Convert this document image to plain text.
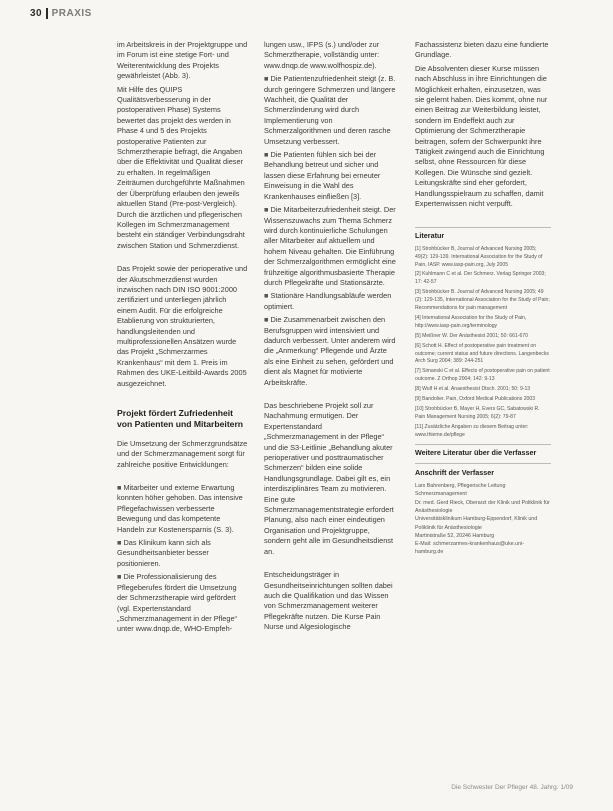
30 PRAXIS

im Arbeitskreis in der Projektgruppe und im Forum ist eine stetige Fort- und Weiterentwicklung des Projekts gewährleistet (Abb. 3).

Mit Hilfe des QUIPS Qualitätsverbesserung in der postoperativen Phase) Systems bewertet das projekt des werden in Phase 4 und 5 des Projekts postoperative Patienten zur Schmerztherapie befragt, die Angaben über die Effektivität und Qualität dieser zu erhalten. In regelmäßigen Zeiträumen durchgeführte Maßnahmen der Überprüfung erlauben den jeweils aktuellen Stand (Pre-post-Vergleich). Durch die ärztlichen und pflegerischen Kollegen im Schmerzmanagement besteht ein ständiger Verbindungsdraht zwischen Station und Schmerzdienst.

Das Projekt sowie der perioperative und der Akutschmerzdienst wurden inzwischen nach DIN ISO 9001:2000 zertifiziert und unterliegen jährlich einem Audit. Für die erfolgreiche Etablierung von strukturierten, handlungsleitenden und multiprofessionellen Ansätzen wurde das Projekt „Schmerzarmes Krankenhaus“ mit dem 1. Preis im Rahmen des UKE-Leitbild-Awards 2005 ausgezeichnet.

Projekt fördert Zufriedenheit von Patienten und Mitarbeitern

Die Umsetzung der Schmerzgrundsätze und der Schmerzmanagement sorgt für zahlreiche positive Entwicklungen:

■ Mitarbeiter und externe Erwartung konnten höher gehoben. Das intensive Pflegefachwissen verbesserte Bewegung und das kompetente Handeln zur Kostenersparnis (S. 3).

■ Das Klinikum kann sich als Gesundheitsanbieter besser positionieren.

■ Die Professionalisierung des Pflegeberufes fördert die Umsetzung der Schmerzstherapie wird gefördert (vgl. Expertenstandard „Schmerzmanagement in der Pflege“ unter www.dnqp.de, WHO-Empfeh-

lungen usw., IFPS (s.) und/oder zur Schmerztherapie, vollständig unter: www.dnqp.de www.wolfhospiz.de).

■ Die Patientenzufriedenheit steigt (z. B. durch geringere Schmerzen und längere Wachheit, die Qualität der Schmerzlinderung wird durch Implementierung von Schmerzalgorithmen und deren rasche Umsetzung verbessert.

■ Die Patienten fühlen sich bei der Behandlung betreut und sicher und lassen diese Erfahrung bei erneuter Einweisung in die Wahl des Krankenhauses einfließen [3].

■ Die Mitarbeiterzufriedenheit steigt. Der Wissenszuwachs zum Thema Schmerz wird durch kontinuierliche Schulungen aller Mitarbeiter auf aktuellem und hohem Niveau gehalten. Die Einführung der Schmerzalgorithmen ermöglicht eine frühzeitige algorithmusbasierte Therapie durch Pflegekräfte und Stationsärzte.

■ Stationäre Handlungsabläufe werden optimiert.

■ Die Zusammenarbeit zwischen den Berufsgruppen wird intensiviert und dadurch verbessert. Unter anderem wird die „Anmerkung“ Pflegende und Ärzte als eine Einheit zu sehen, gefördert und dient als Magnet für motivierte Arbeitskräfte.

Das beschriebene Projekt soll zur Nachahmung ermutigen. Der Expertenstandard „Schmerzmanagement in der Pflege“ und die S3-Leitlinie „Behandlung akuter perioperativer und posttraumatischer Schmerzen“ bilden eine solide Handlungsgrundlage. Dabei gilt es, ein interdisziplinäres Team zu motivieren. Eine gute Schmerzmanagementstrategie erfordert Planung, also nach einer eindeutigen Organisation und Projektgruppe, sondern geht alle im Gesundheitsdienst an.

Entscheidungsträger in Gesundheitseinrichtungen sollten dabei auch die Qualifikation und das Wissen von Schmerzmanagement weiterer Pflegekräfte nutzen. Die Kurse Pain Nurse und Algesiologische

Fachassistenz bieten dazu eine fundierte Grundlage.

Die Absolventen dieser Kurse müssen nach Abschluss in ihre Einrichtungen die Möglichkeit erhalten, einzusetzen, was sie gelernt haben. Dies kommt, ohne nur einen Beitrag zur Weiterbildung leistet, sondern im Endeffekt auch zur Optimierung der Schmerztherapie beitragen, sofern der Schwerpunkt ihre Tätigkeit zwingend auch die Einrichtung selbst, ohne Ressourcen für diese Kollegen. Die Wünsche sind gezielt. Leitungskräfte sind eher gefordert, Handlungsspielraum zu schaffen, damit Expertenwissen nicht verpufft.

Literatur
[1] Strohbücker B, Journal of Advanced Nursing 2005; 49(2): 129-139. International Association for the Study of Pain, IASP. www.iasp-pain.org, July 2005
[2] Kuhlmann C et al. Der Schmerz. Verlag Springer 2003; 17: 42-57
[3] Strohbücker B. Journal of Advanced Nursing 2005; 49 (2): 129-135, International Association for the Study of Pain; Recommendations for pain management
[4] International Association for the Study of Pain, http://www.iasp-pain.org/terminology
[5] Meißner W. Der Anästhesist 2001; 50: 661-670
[6] Schott H. Effect of postoperative pain treatment on outcome; current status and future directions. Langenbecks Arch Surg 2004; 389: 244-251
[7] Simanski C et al. Effects of postoperative pain on patient outcome. Z Orthop 2004; 142: 9-13
[8] Wulf H et al. Anaesthesist Dtsch. 2001; 50: 9-13
[9] Bandolier. Pain, Oxford Medical Publications 2003
[10] Strohbücker B, Mayer H, Evers GC, Sabatowski R. Pain Management Nursing 2005; 6(2): 79-87
[11] Zusätzliche Angaben zu diesem Beitrag unter: www.thieme.de/pflege
Weitere Literatur über die Verfasser
Anschrift der Verfasser
Lars Bahrenberg, Pflegerische Leitung Schmerzmanagement
Dr. med. Gerd Rieck, Oberarzt der Klinik und Poliklinik für Anästhesiologie
Universitätsklinikum Hamburg-Eppendorf, Klinik und Poliklinik für Anästhesiologie
Martinistraße 52, 20246 Hamburg
E-Mail: schmerzarmes-krankenhaus@uke.uni-hamburg.de
Die Schwester Der Pfleger 48. Jahrg. 1/09
